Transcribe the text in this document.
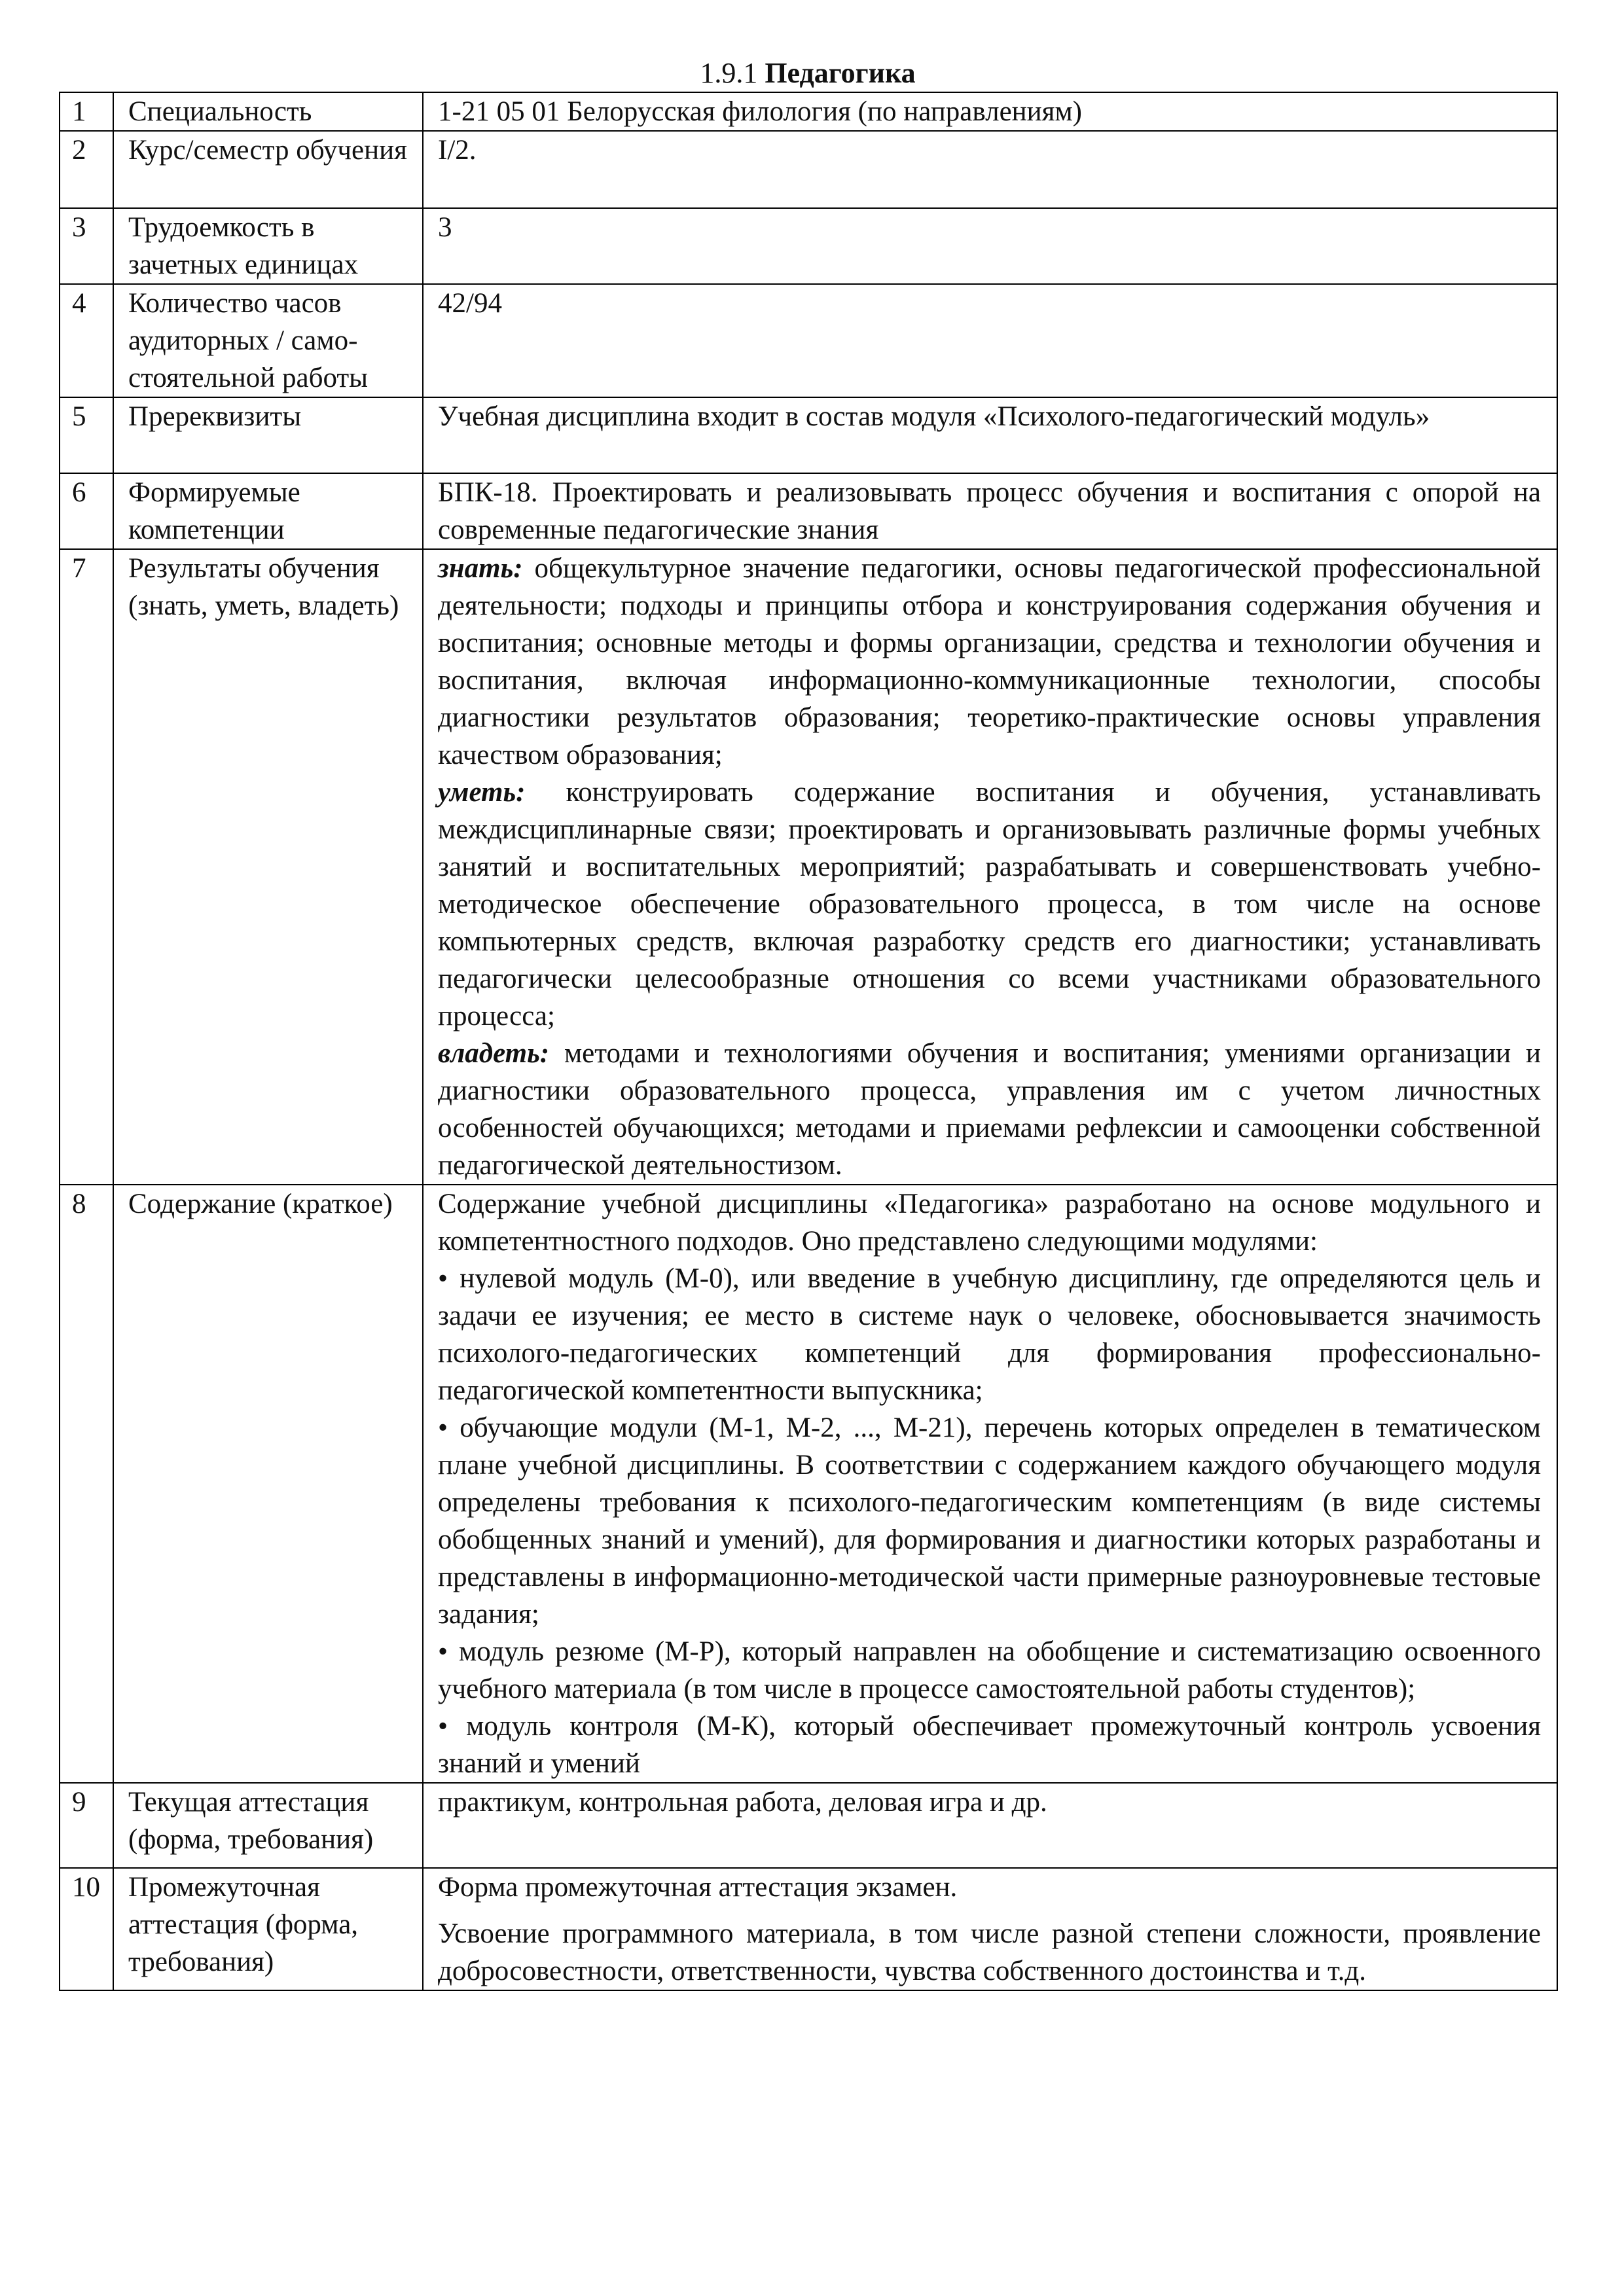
1.9.1 Педагогика
1	Специальность	1-21 05 01 Белорусская филология (по направлениям)
2	Курс/семестр обучения	I/2.
3	Трудоемкость в зачетных единицах	3
4	Количество часов аудиторных / само-стоятельной работы	42/94
5	Пререквизиты	Учебная дисциплина входит в состав модуля «Психолого-педагогический модуль»
6	Формируемые компетенции	БПК-18. Проектировать и реализовывать процесс обучения и воспитания с опорой на современные педагогические знания
7	Результаты обучения (знать, уметь, владеть)	знать: общекультурное значение педагогики, основы педагогической профессиональной деятельности; подходы и принципы отбора и конструирования содержания обучения и воспитания; основные методы и формы организации, средства и технологии обучения и воспитания, включая информационно-коммуникационные технологии, способы диагностики результатов образования; теоретико-практические основы управления качеством образования;
уметь: конструировать содержание воспитания и обучения, устанавливать междисциплинарные связи; проектировать и организовывать различные формы учебных занятий и воспитательных мероприятий; разрабатывать и совершенствовать учебно-методическое обеспечение образовательного процесса, в том числе на основе компьютерных средств, включая разработку средств его диагностики; устанавливать педагогически целесообразные отношения со всеми участниками образовательного процесса;
владеть: методами и технологиями обучения и воспитания; умениями организации и диагностики образовательного процесса, управления им с учетом личностных особенностей обучающихся; методами и приемами рефлексии и самооценки собственной педагогической деятельностизом.

8	Содержание (краткое)	Содержание учебной дисциплины «Педагогика» разработано на основе модульного и компетентностного подходов. Оно представлено следующими модулями:
• нулевой модуль (М-0), или введение в учебную дисциплину, где определяются цель и задачи ее изучения; ее место в системе наук о человеке, обосновывается значимость психолого-педагогических компетенций для формирования профессионально-педагогической компетентности выпускника;
• обучающие модули (М-1, М-2, ..., М-21), перечень которых определен в тематическом плане учебной дисциплины. В соответствии с содержанием каждого обучающего модуля определены требования к психолого-педагогическим компетенциям (в виде системы обобщенных знаний и умений), для формирования и диагностики которых разработаны и представлены в информационно-методической части примерные разноуровневые тестовые задания;
• модуль резюме (М-Р), который направлен на обобщение и систематизацию освоенного учебного материала (в том числе в процессе самостоятельной работы студентов);
• модуль контроля (М-К), который обеспечивает промежуточный контроль усвоения знаний и умений

9	Текущая аттестация (форма, требования)	практикум, контрольная работа, деловая игра и др.
10	Промежуточная аттестация (форма, требования)	Форма промежуточная аттестация экзамен.
Усвоение программного материала, в том числе разной степени сложности, проявление добросовестности, ответственности, чувства собственного достоинства и т.д.
